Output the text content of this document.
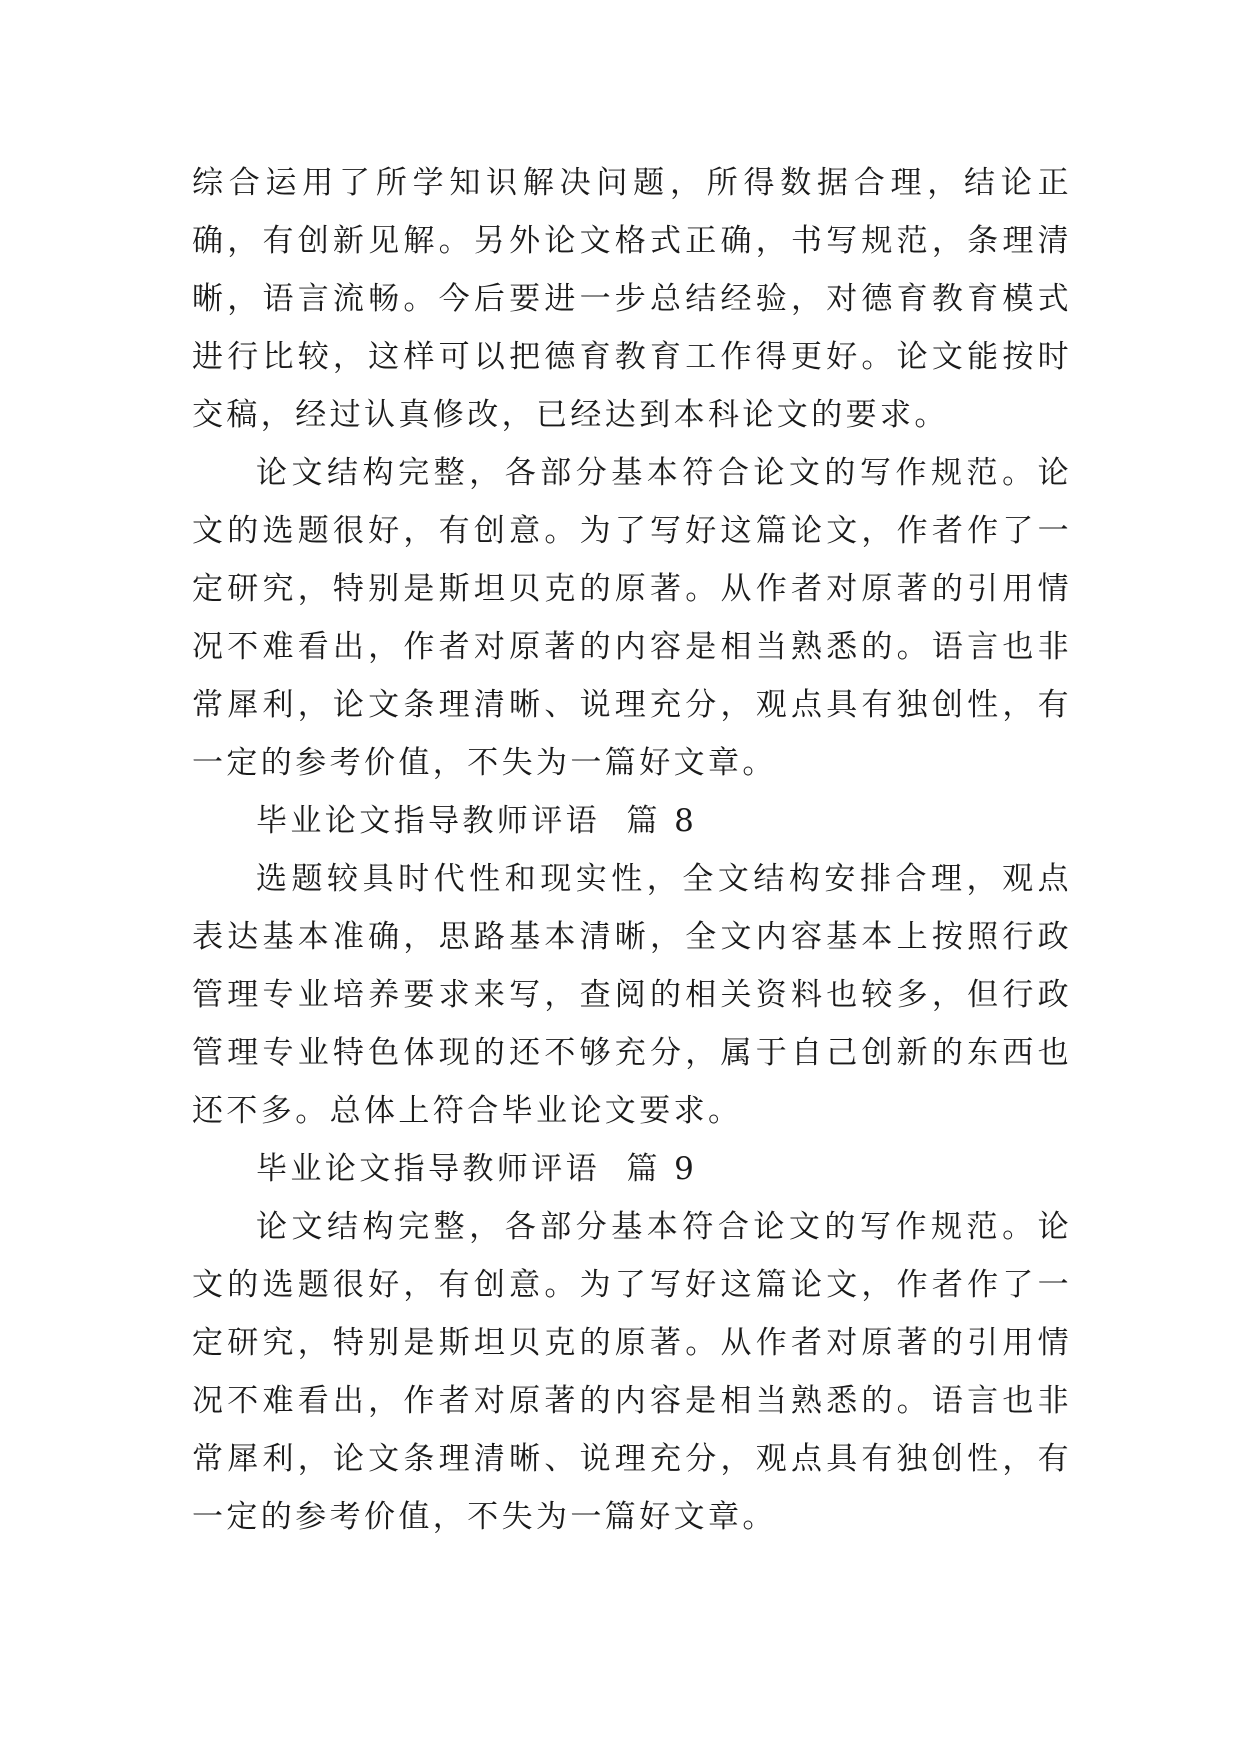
综合运用了所学知识解决问题，所得数据合理，结论正确，有创新见解。另外论文格式正确，书写规范，条理清晰，语言流畅。今后要进一步总结经验，对德育教育模式进行比较，这样可以把德育教育工作得更好。论文能按时交稿，经过认真修改，已经达到本科论文的要求。

论文结构完整，各部分基本符合论文的写作规范。论文的选题很好，有创意。为了写好这篇论文，作者作了一定研究，特别是斯坦贝克的原著。从作者对原著的引用情况不难看出，作者对原著的内容是相当熟悉的。语言也非常犀利，论文条理清晰、说理充分，观点具有独创性，有一定的参考价值，不失为一篇好文章。

毕业论文指导教师评语  篇 8

选题较具时代性和现实性，全文结构安排合理，观点表达基本准确，思路基本清晰，全文内容基本上按照行政管理专业培养要求来写，查阅的相关资料也较多，但行政管理专业特色体现的还不够充分，属于自己创新的东西也还不多。总体上符合毕业论文要求。

毕业论文指导教师评语  篇 9

论文结构完整，各部分基本符合论文的写作规范。论文的选题很好，有创意。为了写好这篇论文，作者作了一定研究，特别是斯坦贝克的原著。从作者对原著的引用情况不难看出，作者对原著的内容是相当熟悉的。语言也非常犀利，论文条理清晰、说理充分，观点具有独创性，有一定的参考价值，不失为一篇好文章。
